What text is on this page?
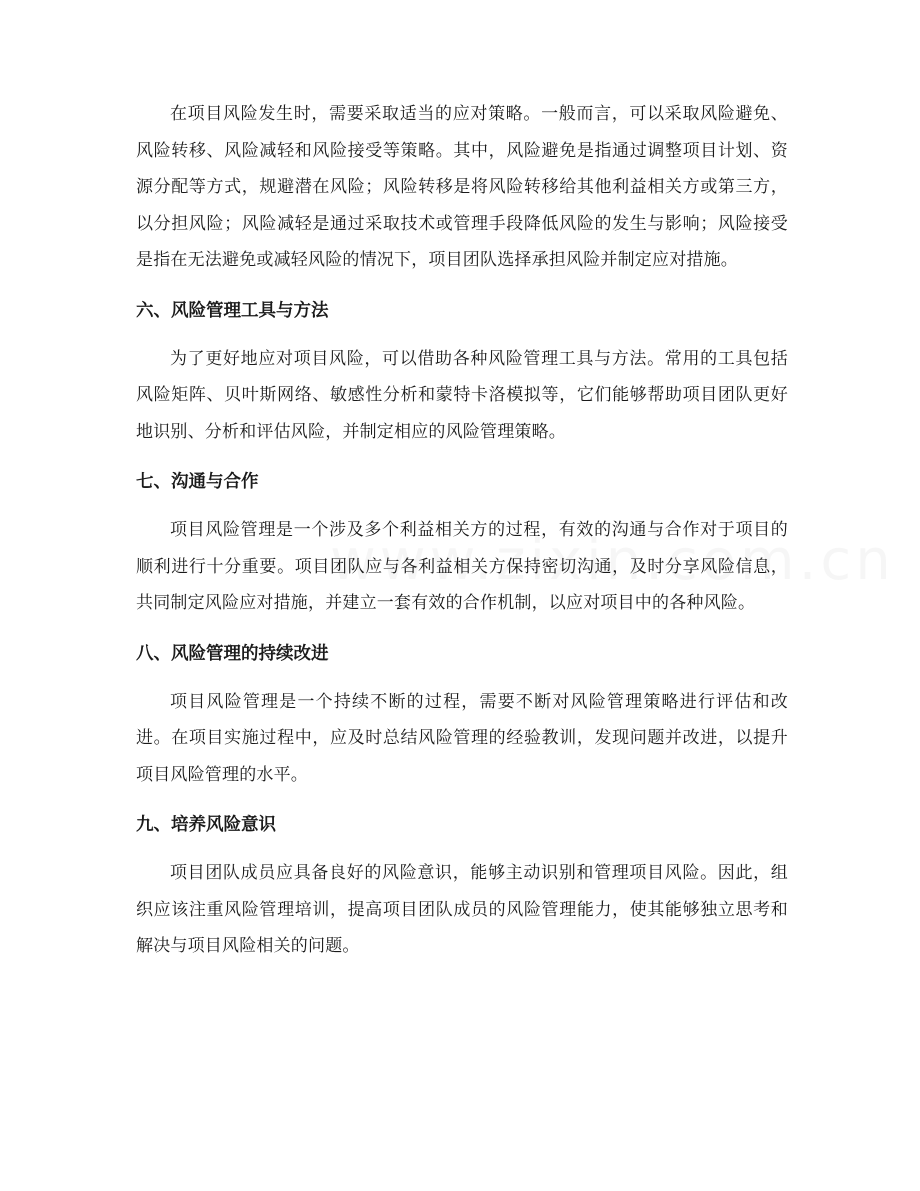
在项目风险发生时，需要采取适当的应对策略。一般而言，可以采取风险避免、风险转移、风险减轻和风险接受等策略。其中，风险避免是指通过调整项目计划、资源分配等方式，规避潜在风险；风险转移是将风险转移给其他利益相关方或第三方，以分担风险；风险减轻是通过采取技术或管理手段降低风险的发生与影响；风险接受是指在无法避免或减轻风险的情况下，项目团队选择承担风险并制定应对措施。

六、风险管理工具与方法

为了更好地应对项目风险，可以借助各种风险管理工具与方法。常用的工具包括风险矩阵、贝叶斯网络、敏感性分析和蒙特卡洛模拟等，它们能够帮助项目团队更好地识别、分析和评估风险，并制定相应的风险管理策略。

七、沟通与合作

项目风险管理是一个涉及多个利益相关方的过程，有效的沟通与合作对于项目的顺利进行十分重要。项目团队应与各利益相关方保持密切沟通，及时分享风险信息，共同制定风险应对措施，并建立一套有效的合作机制，以应对项目中的各种风险。

八、风险管理的持续改进

项目风险管理是一个持续不断的过程，需要不断对风险管理策略进行评估和改进。在项目实施过程中，应及时总结风险管理的经验教训，发现问题并改进，以提升项目风险管理的水平。

九、培养风险意识

项目团队成员应具备良好的风险意识，能够主动识别和管理项目风险。因此，组织应该注重风险管理培训，提高项目团队成员的风险管理能力，使其能够独立思考和解决与项目风险相关的问题。
